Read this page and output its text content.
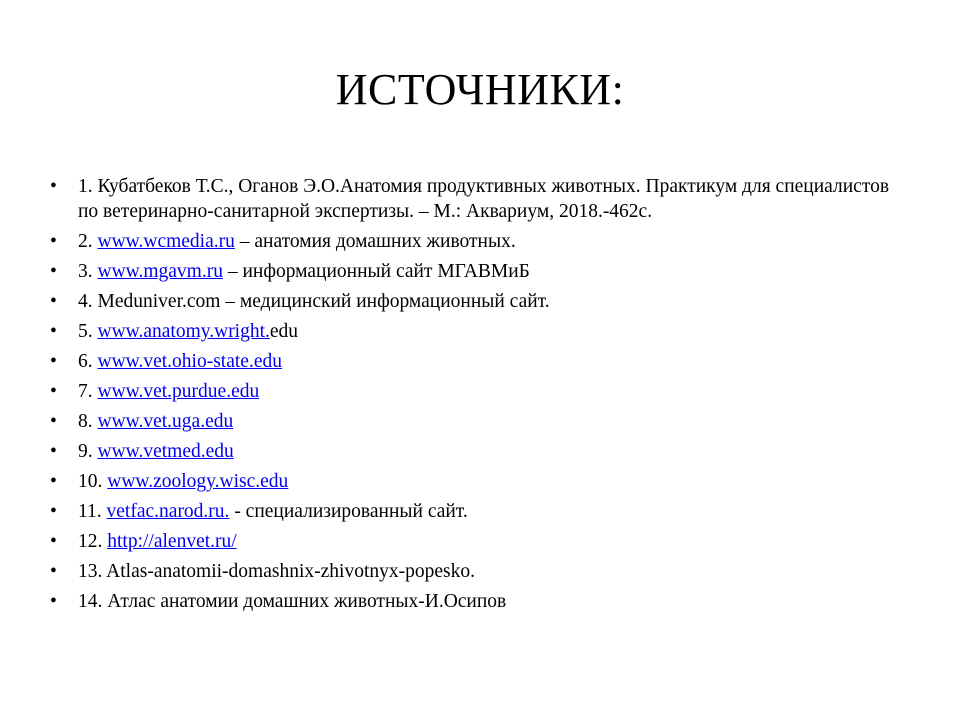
ИСТОЧНИКИ:
•	1. Кубатбеков Т.С., Оганов Э.О.Анатомия продуктивных животных. Практикум для специалистов по ветеринарно-санитарной экспертизы. – М.: Аквариум, 2018.-462с.
•	2. www.wcmedia.ru – анатомия домашних животных.
•	3. www.mgavm.ru – информационный сайт МГАВМиБ
•	4. Meduniver.com – медицинский информационный сайт.
•	5. www.anatomy.wright.edu
•	6. www.vet.ohio-state.edu
•	7. www.vet.purdue.edu
•	8. www.vet.uga.edu
•	9. www.vetmed.edu
•	10. www.zoology.wisc.edu
•	11. vetfac.narod.ru. - специализированный сайт.
•	12. http://alenvet.ru/
•	13. Atlas-anatomii-domashnix-zhivotnyx-popesko.
•	14. Атлас анатомии домашних животных-И.Осипов
